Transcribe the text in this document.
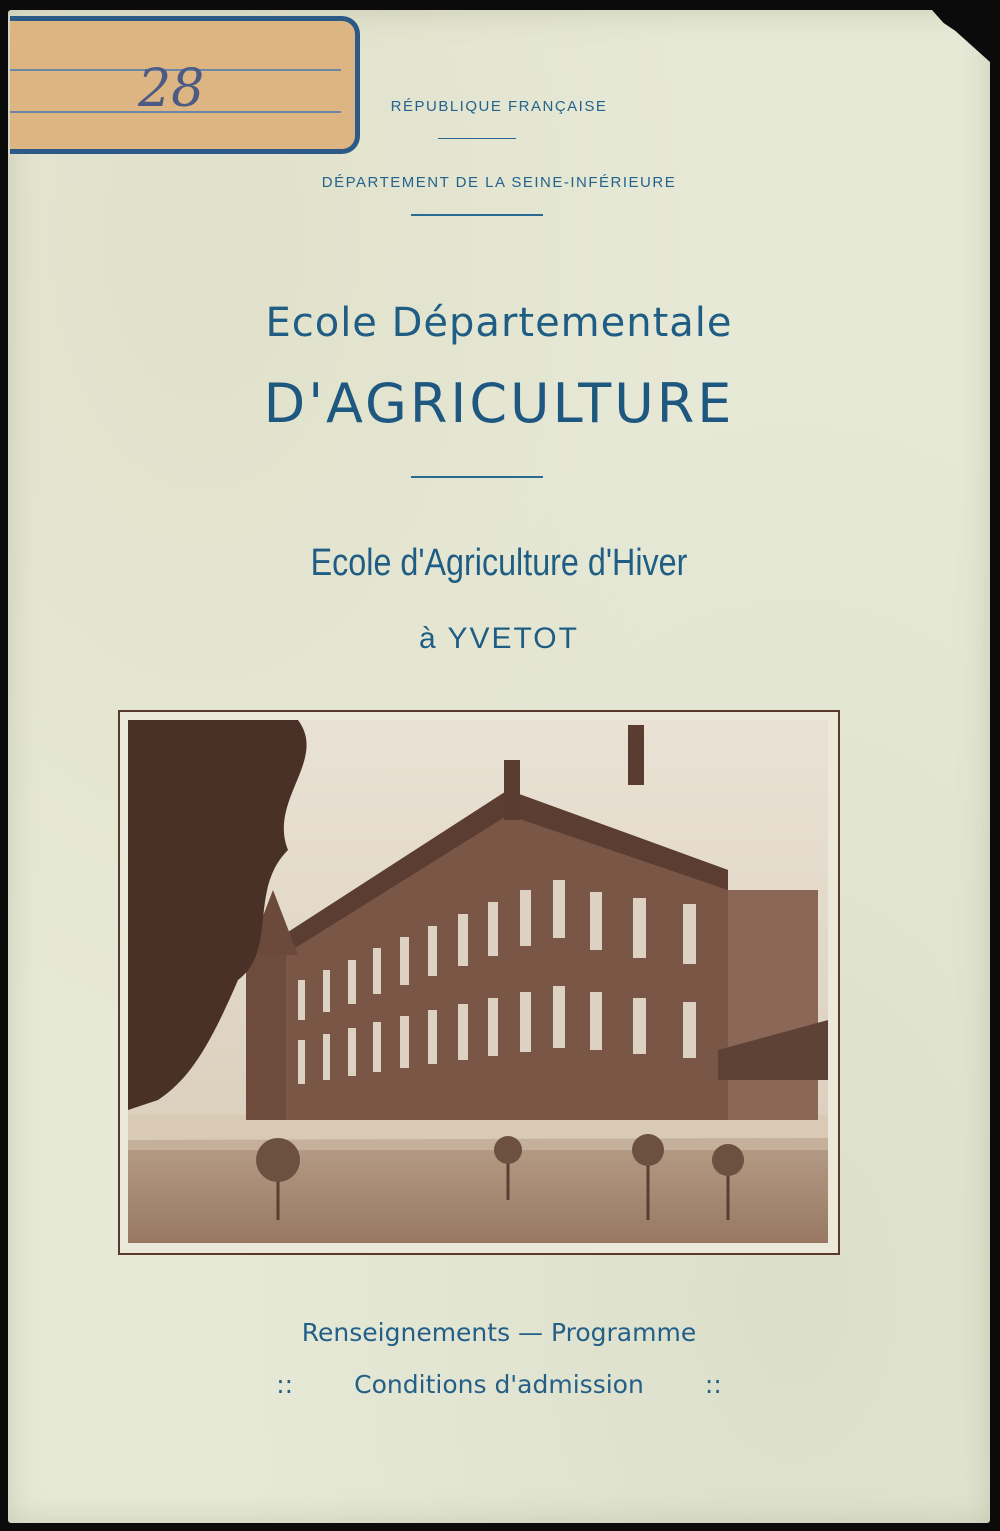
28	RÉPUBLIQUE FRANÇAISE
DÉPARTEMENT DE LA SEINE-INFÉRIEURE
Ecole Départementale
D'AGRICULTURE
Ecole d'Agriculture d'Hiver
à YVETOT
Renseignements — Programme
:: Conditions d'admission ::
